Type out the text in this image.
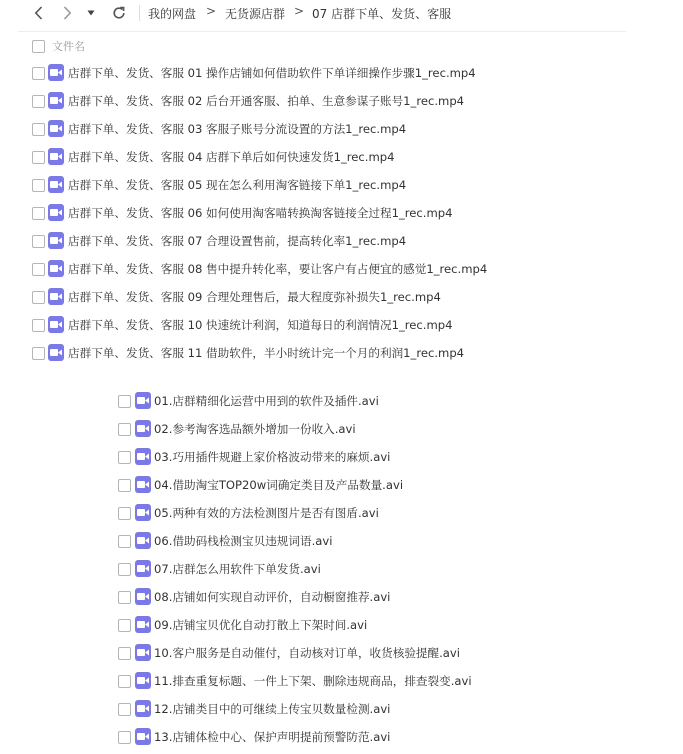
我的网盘 > 无货源店群 > 07 店群下单、发货、客服
文件名
店群下单、发货、客服 01 操作店铺如何借助软件下单详细操作步骤1_rec.mp4
店群下单、发货、客服 02 后台开通客服、拍单、生意参谋子账号1_rec.mp4
店群下单、发货、客服 03 客服子账号分流设置的方法1_rec.mp4
店群下单、发货、客服 04 店群下单后如何快速发货1_rec.mp4
店群下单、发货、客服 05 现在怎么利用淘客链接下单1_rec.mp4
店群下单、发货、客服 06 如何使用淘客喵转换淘客链接全过程1_rec.mp4
店群下单、发货、客服 07 合理设置售前，提高转化率1_rec.mp4
店群下单、发货、客服 08 售中提升转化率，要让客户有占便宜的感觉1_rec.mp4
店群下单、发货、客服 09 合理处理售后，最大程度弥补损失1_rec.mp4
店群下单、发货、客服 10 快速统计利润，知道每日的利润情况1_rec.mp4
店群下单、发货、客服 11 借助软件，半小时统计完一个月的利润1_rec.mp4
01.店群精细化运营中用到的软件及插件.avi
02.参考淘客选品额外增加一份收入.avi
03.巧用插件规避上家价格波动带来的麻烦.avi
04.借助淘宝TOP20w词确定类目及产品数量.avi
05.两种有效的方法检测图片是否有图盾.avi
06.借助码栈检测宝贝违规词语.avi
07.店群怎么用软件下单发货.avi
08.店铺如何实现自动评价，自动橱窗推荐.avi
09.店铺宝贝优化自动打散上下架时间.avi
10.客户服务是自动催付，自动核对订单，收货核验提醒.avi
11.排查重复标题、一件上下架、删除违规商品，排查裂变.avi
12.店铺类目中的可继续上传宝贝数量检测.avi
13.店铺体检中心、保护声明提前预警防范.avi
